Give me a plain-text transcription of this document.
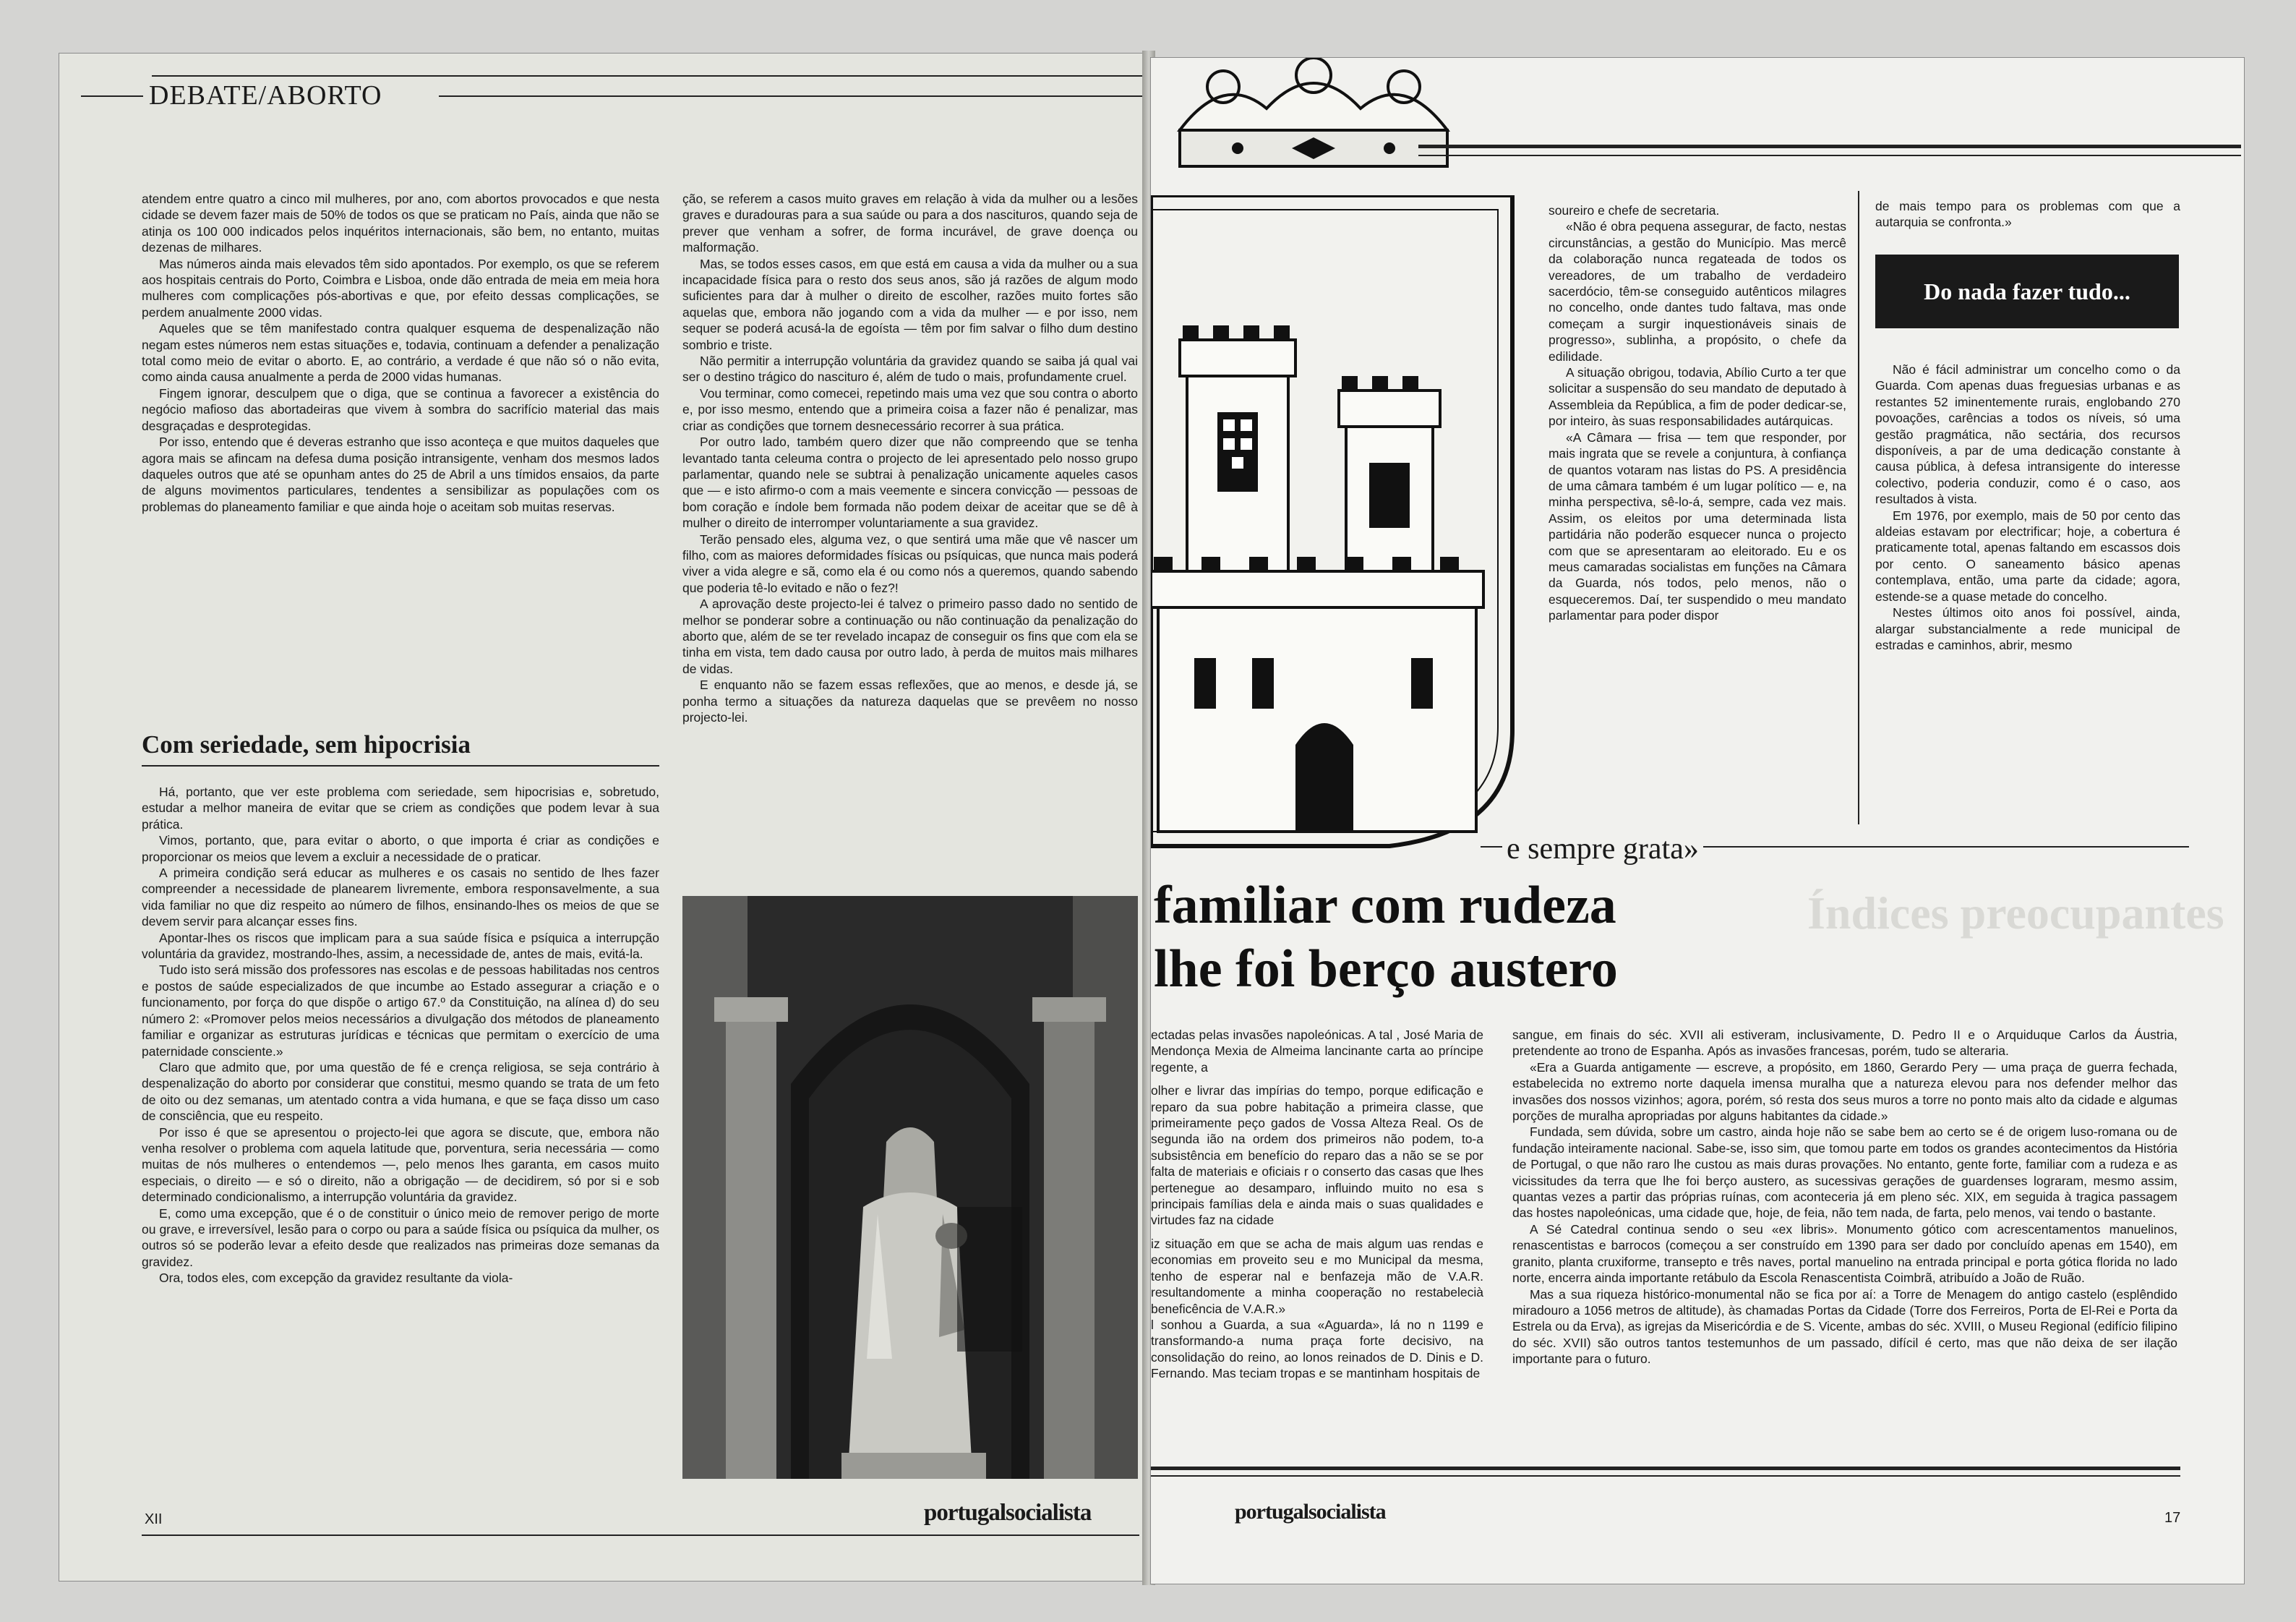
DEBATE/ABORTO

atendem entre quatro a cinco mil mulheres, por ano, com abortos provocados e que nesta cidade se devem fazer mais de 50% de todos os que se praticam no País, ainda que não se atinja os 100 000 indicados pelos inquéritos internacionais, são bem, no entanto, muitas dezenas de milhares.

Mas números ainda mais elevados têm sido apontados. Por exemplo, os que se referem aos hospitais centrais do Porto, Coimbra e Lisboa, onde dão entrada de meia em meia hora mulheres com complicações pós-abortivas e que, por efeito dessas complicações, se perdem anualmente 2000 vidas.

Aqueles que se têm manifestado contra qualquer esquema de despenalização não negam estes números nem estas situações e, todavia, continuam a defender a penalização total como meio de evitar o aborto. E, ao contrário, a verdade é que não só o não evita, como ainda causa anualmente a perda de 2000 vidas humanas.

Fingem ignorar, desculpem que o diga, que se continua a favorecer a existência do negócio mafioso das abortadeiras que vivem à sombra do sacrifício material das mais desgraçadas e desprotegidas.

Por isso, entendo que é deveras estranho que isso aconteça e que muitos daqueles que agora mais se afincam na defesa duma posição intransigente, venham dos mesmos lados daqueles outros que até se opunham antes do 25 de Abril a uns tímidos ensaios, da parte de alguns movimentos particulares, tendentes a sensibilizar as populações com os problemas do planeamento familiar e que ainda hoje o aceitam sob muitas reservas.

Com seriedade, sem hipocrisia

Há, portanto, que ver este problema com seriedade, sem hipocrisias e, sobretudo, estudar a melhor maneira de evitar que se criem as condições que podem levar à sua prática.

Vimos, portanto, que, para evitar o aborto, o que importa é criar as condições e proporcionar os meios que levem a excluir a necessidade de o praticar.

A primeira condição será educar as mulheres e os casais no sentido de lhes fazer compreender a necessidade de planearem livremente, embora responsavelmente, a sua vida familiar no que diz respeito ao número de filhos, ensinando-lhes os meios de que se devem servir para alcançar esses fins.

Apontar-lhes os riscos que implicam para a sua saúde física e psíquica a interrupção voluntária da gravidez, mostrando-lhes, assim, a necessidade de, antes de mais, evitá-la.

Tudo isto será missão dos professores nas escolas e de pessoas habilitadas nos centros e postos de saúde especializados de que incumbe ao Estado assegurar a criação e o funcionamento, por força do que dispõe o artigo 67.º da Constituição, na alínea d) do seu número 2: «Promover pelos meios necessários a divulgação dos métodos de planeamento familiar e organizar as estruturas jurídicas e técnicas que permitam o exercício de uma paternidade consciente.»

Claro que admito que, por uma questão de fé e crença religiosa, se seja contrário à despenalização do aborto por considerar que constitui, mesmo quando se trata de um feto de oito ou dez semanas, um atentado contra a vida humana, e que se faça disso um caso de consciência, que eu respeito.

Por isso é que se apresentou o projecto-lei que agora se discute, que, embora não venha resolver o problema com aquela latitude que, porventura, seria necessária — como muitas de nós mulheres o entendemos —, pelo menos lhes garanta, em casos muito especiais, o direito — e só o direito, não a obrigação — de decidirem, só por si e sob determinado condicionalismo, a interrupção voluntária da gravidez.

E, como uma excepção, que é o de constituir o único meio de remover perigo de morte ou grave, e irreversível, lesão para o corpo ou para a saúde física ou psíquica da mulher, os outros só se poderão levar a efeito desde que realizados nas primeiras doze semanas da gravidez.

Ora, todos eles, com excepção da gravidez resultante da viola-

ção, se referem a casos muito graves em relação à vida da mulher ou a lesões graves e duradouras para a sua saúde ou para a dos nascituros, quando seja de prever que venham a sofrer, de forma incurável, de grave doença ou malformação.

Mas, se todos esses casos, em que está em causa a vida da mulher ou a sua incapacidade física para o resto dos seus anos, são já razões de algum modo suficientes para dar à mulher o direito de escolher, razões muito fortes são aquelas que, embora não jogando com a vida da mulher — e por isso, nem sequer se poderá acusá-la de egoísta — têm por fim salvar o filho dum destino sombrio e triste.

Não permitir a interrupção voluntária da gravidez quando se saiba já qual vai ser o destino trágico do nascituro é, além de tudo o mais, profundamente cruel.

Vou terminar, como comecei, repetindo mais uma vez que sou contra o aborto e, por isso mesmo, entendo que a primeira coisa a fazer não é penalizar, mas criar as condições que tornem desnecessário recorrer à sua prática.

Por outro lado, também quero dizer que não compreendo que se tenha levantado tanta celeuma contra o projecto de lei apresentado pelo nosso grupo parlamentar, quando nele se subtrai à penalização unicamente aqueles casos que — e isto afirmo-o com a mais veemente e sincera convicção — pessoas de bom coração e índole bem formada não podem deixar de aceitar que se dê à mulher o direito de interromper voluntariamente a sua gravidez.

Terão pensado eles, alguma vez, o que sentirá uma mãe que vê nascer um filho, com as maiores deformidades físicas ou psíquicas, que nunca mais poderá viver a vida alegre e sã, como ela é ou como nós a queremos, quando sabendo que poderia tê-lo evitado e não o fez?!

A aprovação deste projecto-lei é talvez o primeiro passo dado no sentido de melhor se ponderar sobre a continuação ou não continuação da penalização do aborto que, além de se ter revelado incapaz de conseguir os fins que com ela se tinha em vista, tem dado causa por outro lado, à perda de muitos mais milhares de vidas.

E enquanto não se fazem essas reflexões, que ao menos, e desde já, se ponha termo a situações da natureza daquelas que se prevêem no nosso projecto-lei.

XII	portugalsocialista
e sempre grata»
Índices preocupantes
familiar com rudeza
lhe foi berço austero

soureiro e chefe de secretaria.

«Não é obra pequena assegurar, de facto, nestas circunstâncias, a gestão do Município. Mas mercê da colaboração nunca regateada de todos os vereadores, de um trabalho de verdadeiro sacerdócio, têm-se conseguido autênticos milagres no concelho, onde dantes tudo faltava, mas onde começam a surgir inquestionáveis sinais de progresso», sublinha, a propósito, o chefe da edilidade.

A situação obrigou, todavia, Abílio Curto a ter que solicitar a suspensão do seu mandato de deputado à Assembleia da República, a fim de poder dedicar-se, por inteiro, às suas responsabilidades autárquicas.

«A Câmara — frisa — tem que responder, por mais ingrata que se revele a conjuntura, à confiança de quantos votaram nas listas do PS. A presidência de uma câmara também é um lugar político — e, na minha perspectiva, sê-lo-á, sempre, cada vez mais. Assim, os eleitos por uma determinada lista partidária não poderão esquecer nunca o projecto com que se apresentaram ao eleitorado. Eu e os meus camaradas socialistas em funções na Câmara da Guarda, nós todos, pelo menos, não o esqueceremos. Daí, ter suspendido o meu mandato parlamentar para poder dispor

de mais tempo para os problemas com que a autarquia se confronta.»

Não é fácil administrar um concelho como o da Guarda. Com apenas duas freguesias urbanas e as restantes 52 iminentemente rurais, englobando 270 povoações, carências a todos os níveis, só uma gestão pragmática, não sectária, dos recursos disponíveis, a par de uma dedicação constante à causa pública, à defesa intransigente do interesse colectivo, poderia conduzir, como é o caso, aos resultados à vista.

Em 1976, por exemplo, mais de 50 por cento das aldeias estavam por electrificar; hoje, a cobertura é praticamente total, apenas faltando em escassos dois por cento. O saneamento básico apenas contemplava, então, uma parte da cidade; agora, estende-se a quase metade do concelho.

Nestes últimos oito anos foi possível, ainda, alargar substancialmente a rede municipal de estradas e caminhos, abrir, mesmo

ectadas pelas invasões napoleónicas. A tal , José Maria de Mendonça Mexia de Almeima lancinante carta ao príncipe regente, a

olher e livrar das impírias do tempo, porque edificação e reparo da sua pobre habitação a primeira classe, que primeiramente peço gados de Vossa Alteza Real. Os de segunda ião na ordem dos primeiros não podem, to-a subsistência em benefício do reparo das a não se se por falta de materiais e oficiais r o conserto das casas que lhes pertenegue ao desamparo, influindo muito no esa s principais famílias dela e ainda mais o suas qualidades e virtudes faz na cidade

iz situação em que se acha de mais algum uas rendas e economias em proveito seu e mo Municipal da mesma, tenho de esperar nal e benfazeja mão de V.A.R. resultandomente a minha cooperação no restabelecià beneficência de V.A.R.»

l sonhou a Guarda, a sua «Aguarda», lá no n 1199 e transformando-a numa praça forte decisivo, na consolidação do reino, ao lonos reinados de D. Dinis e D. Fernando. Mas teciam tropas e se mantinham hospitais de

sangue, em finais do séc. XVII ali estiveram, inclusivamente, D. Pedro II e o Arquiduque Carlos da Áustria, pretendente ao trono de Espanha. Após as invasões francesas, porém, tudo se alteraria.

«Era a Guarda antigamente — escreve, a propósito, em 1860, Gerardo Pery — uma praça de guerra fechada, estabelecida no extremo norte daquela imensa muralha que a natureza elevou para nos defender melhor das invasões dos nossos vizinhos; agora, porém, só resta dos seus muros a torre no ponto mais alto da cidade e algumas porções de muralha apropriadas por alguns habitantes da cidade.»

Fundada, sem dúvida, sobre um castro, ainda hoje não se sabe bem ao certo se é de origem luso-romana ou de fundação inteiramente nacional. Sabe-se, isso sim, que tomou parte em todos os grandes acontecimentos da História de Portugal, o que não raro lhe custou as mais duras provações. No entanto, gente forte, familiar com a rudeza e as vicissitudes da terra que lhe foi berço austero, as sucessivas gerações de guardenses lograram, mesmo assim, quantas vezes a partir das próprias ruínas, com aconteceria já em pleno séc. XIX, em seguida à tragica passagem das hostes napoleónicas, uma cidade que, hoje, de feia, não tem nada, de farta, pelo menos, vai tendo o bastante.

A Sé Catedral continua sendo o seu «ex libris». Monumento gótico com acrescentamentos manuelinos, renascentistas e barrocos (começou a ser construído em 1390 para ser dado por concluído apenas em 1540), em granito, planta cruxiforme, transepto e três naves, portal manuelino na entrada principal e porta gótica florida no lado norte, encerra ainda importante retábulo da Escola Renascentista Coimbrã, atribuído a João de Ruão.

Mas a sua riqueza histórico-monumental não se fica por aí: a Torre de Menagem do antigo castelo (esplêndido miradouro a 1056 metros de altitude), às chamadas Portas da Cidade (Torre dos Ferreiros, Porta de El-Rei e Porta da Estrela ou da Erva), as igrejas da Misericórdia e de S. Vicente, ambas do séc. XVIII, o Museu Regional (edifício filipino do séc. XVII) são outros tantos testemunhos de um passado, difícil é certo, mas que não deixa de ser ilação importante para o futuro.

portugalsocialista	17
Do nada fazer tudo...
